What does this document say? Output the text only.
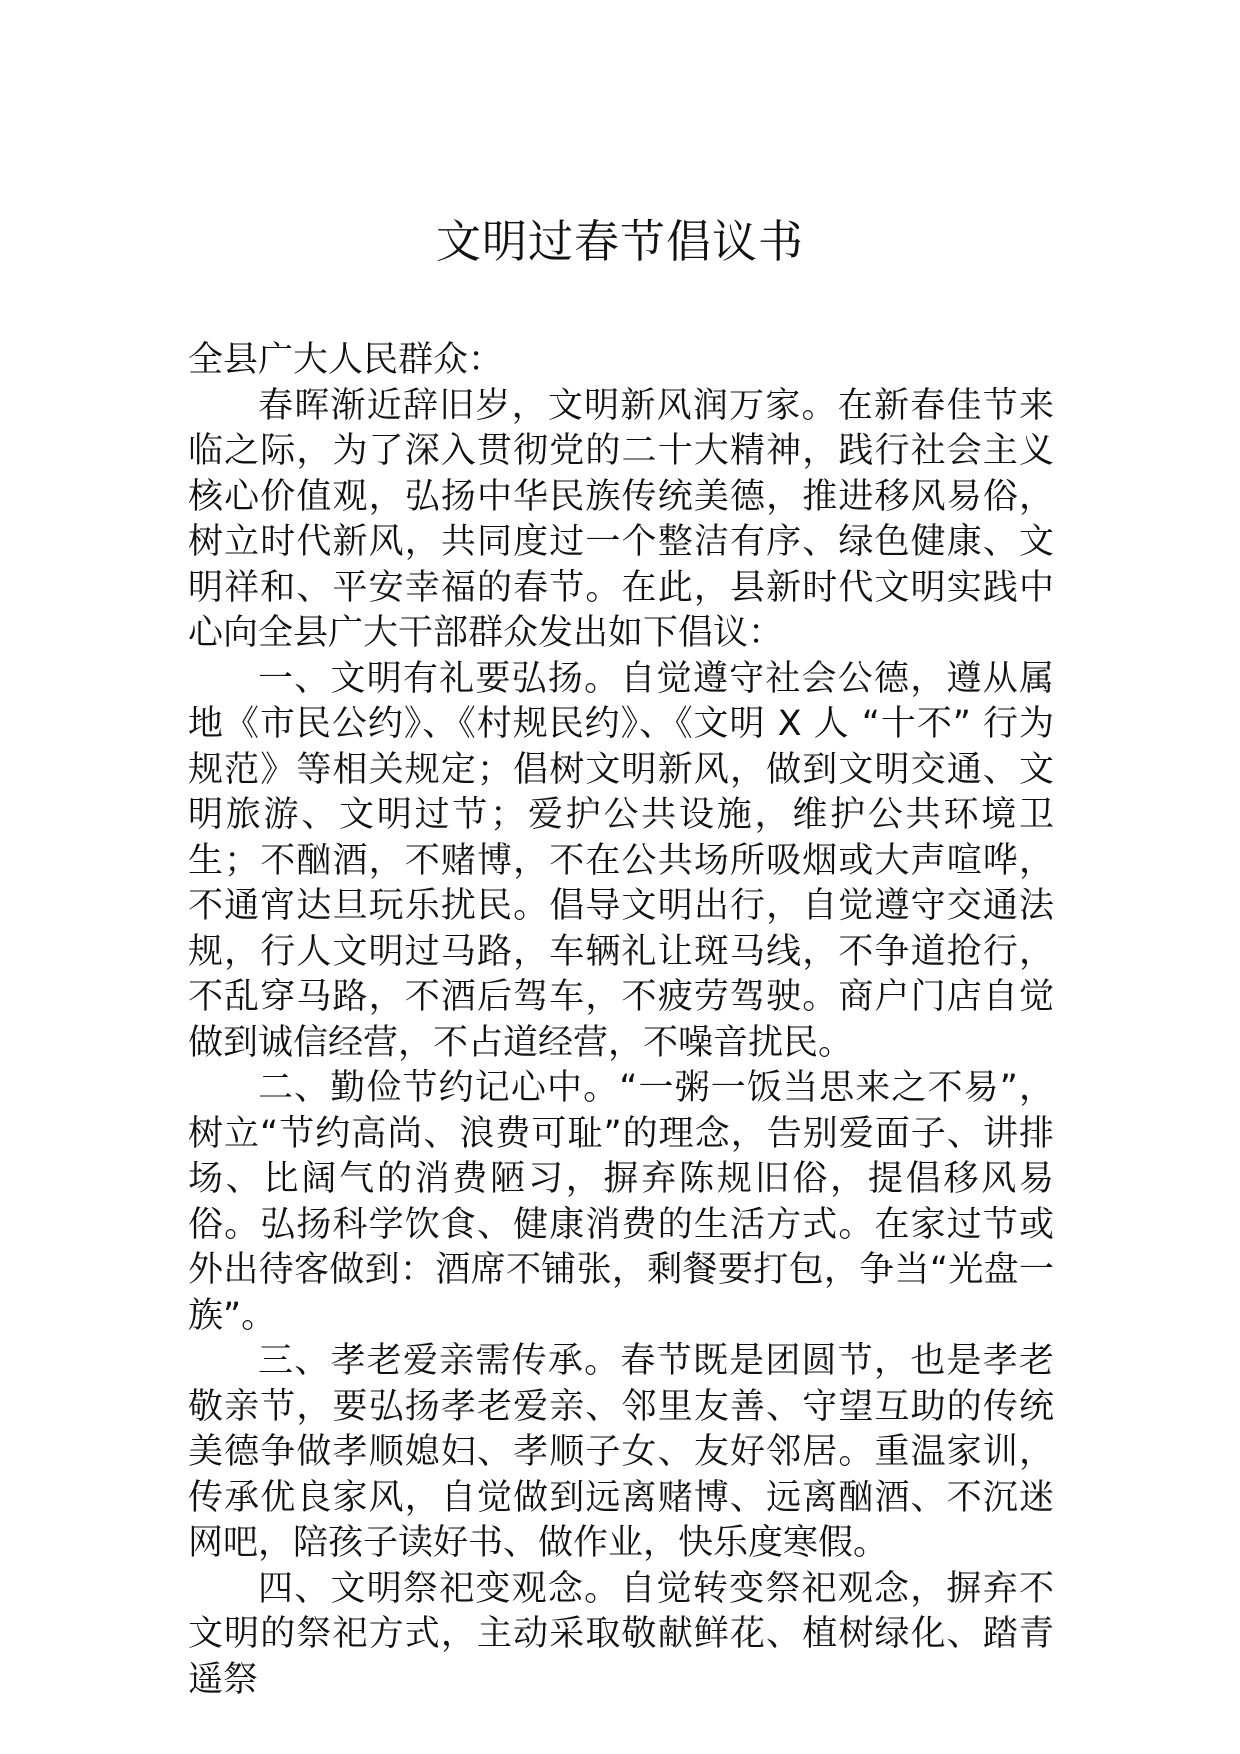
文明过春节倡议书

全县广大人民群众：

春晖渐近辞旧岁，文明新风润万家。在新春佳节来临之际，为了深入贯彻党的二十大精神，践行社会主义核心价值观，弘扬中华民族传统美德，推进移风易俗，树立时代新风，共同度过一个整洁有序、绿色健康、文明祥和、平安幸福的春节。在此，县新时代文明实践中心向全县广大干部群众发出如下倡议：

一、文明有礼要弘扬。自觉遵守社会公德，遵从属地《市民公约》、《村规民约》、《文明 X 人 “十不” 行为规范》等相关规定；倡树文明新风，做到文明交通、文明旅游、文明过节；爱护公共设施，维护公共环境卫生；不酗酒，不赌博，不在公共场所吸烟或大声喧哗，不通宵达旦玩乐扰民。倡导文明出行，自觉遵守交通法规，行人文明过马路，车辆礼让斑马线，不争道抢行，不乱穿马路，不酒后驾车，不疲劳驾驶。商户门店自觉做到诚信经营，不占道经营，不噪音扰民。

二、勤俭节约记心中。“一粥一饭当思来之不易”，树立“节约高尚、浪费可耻”的理念，告别爱面子、讲排场、比阔气的消费陋习，摒弃陈规旧俗，提倡移风易俗。弘扬科学饮食、健康消费的生活方式。在家过节或外出待客做到：酒席不铺张，剩餐要打包，争当“光盘一族”。

三、孝老爱亲需传承。春节既是团圆节，也是孝老敬亲节，要弘扬孝老爱亲、邻里友善、守望互助的传统美德争做孝顺媳妇、孝顺子女、友好邻居。重温家训，传承优良家风，自觉做到远离赌博、远离酗酒、不沉迷网吧，陪孩子读好书、做作业，快乐度寒假。

四、文明祭祀变观念。自觉转变祭祀观念，摒弃不文明的祭祀方式，主动采取敬献鲜花、植树绿化、踏青遥祭
